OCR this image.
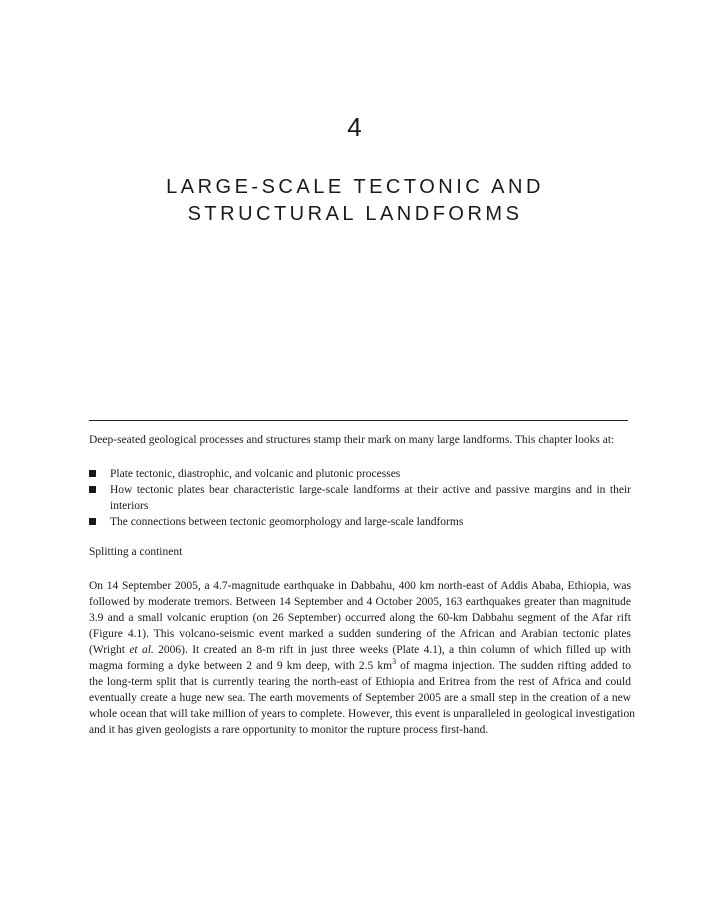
4
LARGE-SCALE TECTONIC AND
STRUCTURAL LANDFORMS

Deep-seated geological processes and structures stamp their mark on many large landforms. This chapter looks at:

Plate tectonic, diastrophic, and volcanic and plutonic processes
How tectonic plates bear characteristic large-scale landforms at their active and passive margins and in their interiors
The connections between tectonic geomorphology and large-scale landforms

Splitting a continent

On 14 September 2005, a 4.7-magnitude earthquake in Dabbahu, 400 km north-east of Addis Ababa, Ethiopia, was
followed by moderate tremors. Between 14 September and 4 October 2005, 163 earthquakes greater than magnitude
3.9 and a small volcanic eruption (on 26 September) occurred along the 60-km Dabbahu segment of the Afar rift
(Figure 4.1). This volcano-seismic event marked a sudden sundering of the African and Arabian tectonic plates
(Wright et al. 2006). It created an 8-m rift in just three weeks (Plate 4.1), a thin column of which filled up with
magma forming a dyke between 2 and 9 km deep, with 2.5 $km^3$ of magma injection. The sudden rifting added to
the long-term split that is currently tearing the north-east of Ethiopia and Eritrea from the rest of Africa and could
eventually create a huge new sea. The earth movements of September 2005 are a small step in the creation of a new
whole ocean that will take million of years to complete. However, this event is unparalleled in geological investigation
and it has given geologists a rare opportunity to monitor the rupture process first-hand.
